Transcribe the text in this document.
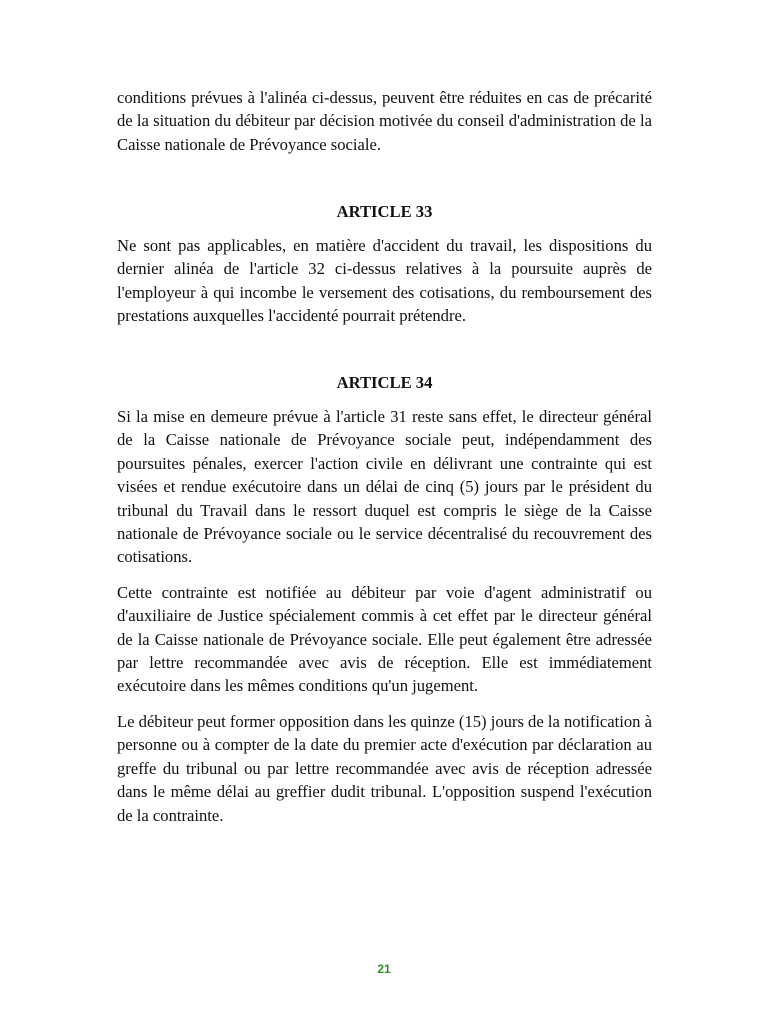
conditions prévues à l'alinéa ci-dessus, peuvent être réduites en cas de précarité de la situation du débiteur par décision motivée du conseil d'administration de la Caisse nationale de Prévoyance sociale.

ARTICLE 33

Ne sont pas applicables, en matière d'accident du travail, les dispositions du dernier alinéa de l'article 32 ci-dessus relatives à la poursuite auprès de l'employeur à qui incombe le versement des cotisations, du remboursement des prestations auxquelles l'accidenté pourrait prétendre.

ARTICLE 34

Si la mise en demeure prévue à l'article 31 reste sans effet, le directeur général de la Caisse nationale de Prévoyance sociale peut, indépendamment des poursuites pénales, exercer l'action civile en délivrant une contrainte qui est visées et rendue exécutoire dans un délai de cinq (5) jours par le président du tribunal du Travail dans le ressort duquel est compris le siège de la Caisse nationale de Prévoyance sociale ou le service décentralisé du recouvrement des cotisations.

Cette contrainte est notifiée au débiteur par voie d'agent administratif ou d'auxiliaire de Justice spécialement commis à cet effet par le directeur général de la Caisse nationale de Prévoyance sociale. Elle peut également être adressée par lettre recommandée avec avis de réception. Elle est immédiatement exécutoire dans les mêmes conditions qu'un jugement.

Le débiteur peut former opposition dans les quinze (15) jours de la notification à personne ou à compter de la date du premier acte d'exécution par déclaration au greffe du tribunal ou par lettre recommandée avec avis de réception adressée dans le même délai au greffier dudit tribunal. L'opposition suspend l'exécution de la contrainte.

21
